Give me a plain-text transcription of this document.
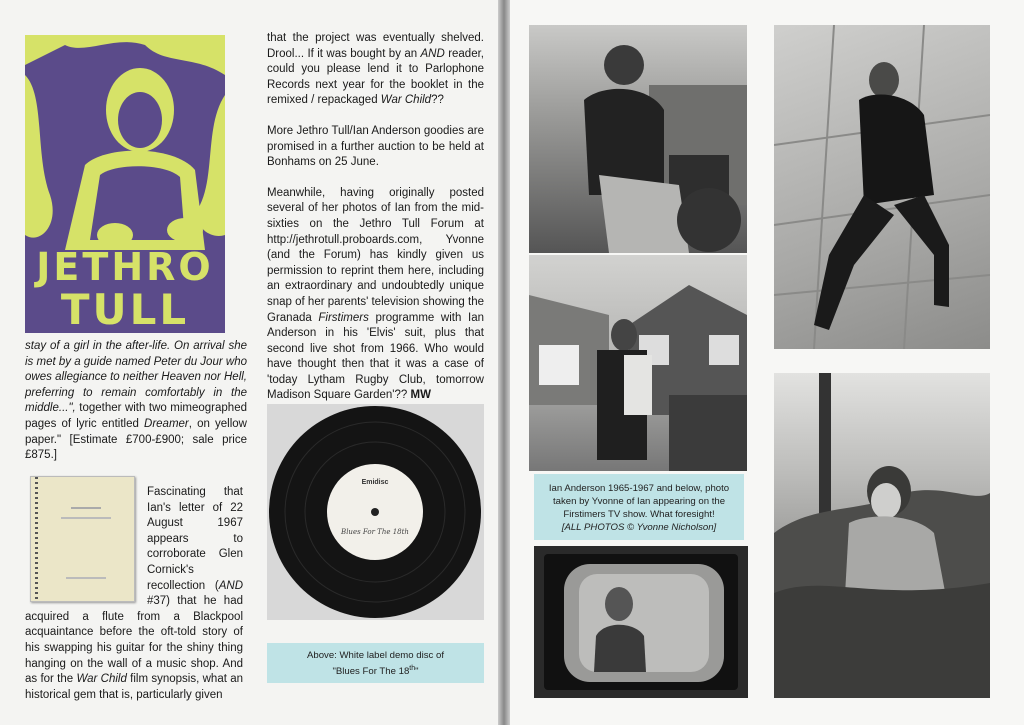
JETHRO
TULL
stay of a girl in the after-life. On arrival she is met by a guide named Peter du Jour who owes allegiance to neither Heaven nor Hell, preferring to remain comfortably in the middle...", together with two mimeographed pages of lyric entitled Dreamer, on yellow paper." [Estimate £700-£900; sale price £875.]
Fascinating that Ian's letter of 22 August 1967 appears to corroborate Glen Cornick's recollection (AND #37) that he had acquired a flute from a Blackpool acquaintance before the oft-told story of his swapping his guitar for the shiny thing hanging on the wall of a music shop. And as for the War Child film synopsis, what an historical gem that is, particularly given

that the project was eventually shelved. Drool... If it was bought by an AND reader, could you please lend it to Parlophone Records next year for the booklet in the remixed / repackaged War Child??

More Jethro Tull/Ian Anderson goodies are promised in a further auction to be held at Bonhams on 25 June.

Meanwhile, having originally posted several of her photos of Ian from the mid-sixties on the Jethro Tull Forum at http://jethrotull.proboards.com, Yvonne (and the Forum) has kindly given us permission to reprint them here, including an extraordinary and undoubtedly unique snap of her parents' television showing the Granada Firstimers programme with Ian Anderson in his 'Elvis' suit, plus that second live shot from 1966. Who would have thought then that it was a case of 'today Lytham Rugby Club, tomorrow Madison Square Garden'?? MW

Emidisc
Blues For The 18th
Above: White label demo disc of
"Blues For The 18th"
Ian Anderson 1965-1967 and below, photo taken by Yvonne of Ian appearing on the Firstimers TV show. What foresight!
[ALL PHOTOS © Yvonne Nicholson]
